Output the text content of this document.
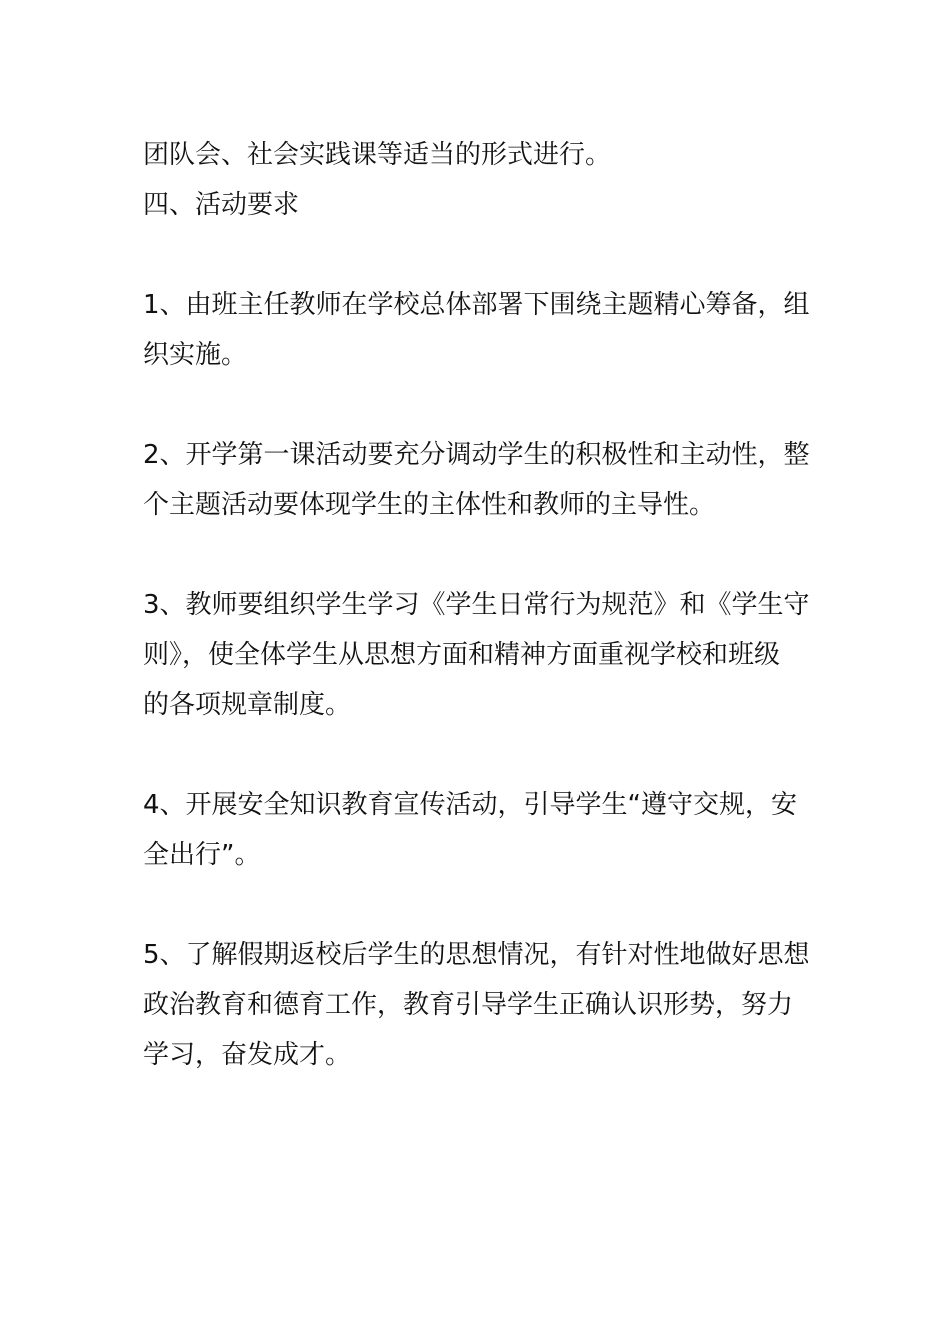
团队会、社会实践课等适当的形式进行。

四、活动要求

1、由班主任教师在学校总体部署下围绕主题精心筹备，组
织实施。
2、开学第一课活动要充分调动学生的积极性和主动性，整
个主题活动要体现学生的主体性和教师的主导性。
3、教师要组织学生学习《学生日常行为规范》和《学生守
则》，使全体学生从思想方面和精神方面重视学校和班级
的各项规章制度。
4、开展安全知识教育宣传活动，引导学生“遵守交规，安
全出行”。
5、了解假期返校后学生的思想情况，有针对性地做好思想
政治教育和德育工作，教育引导学生正确认识形势，努力
学习，奋发成才。
